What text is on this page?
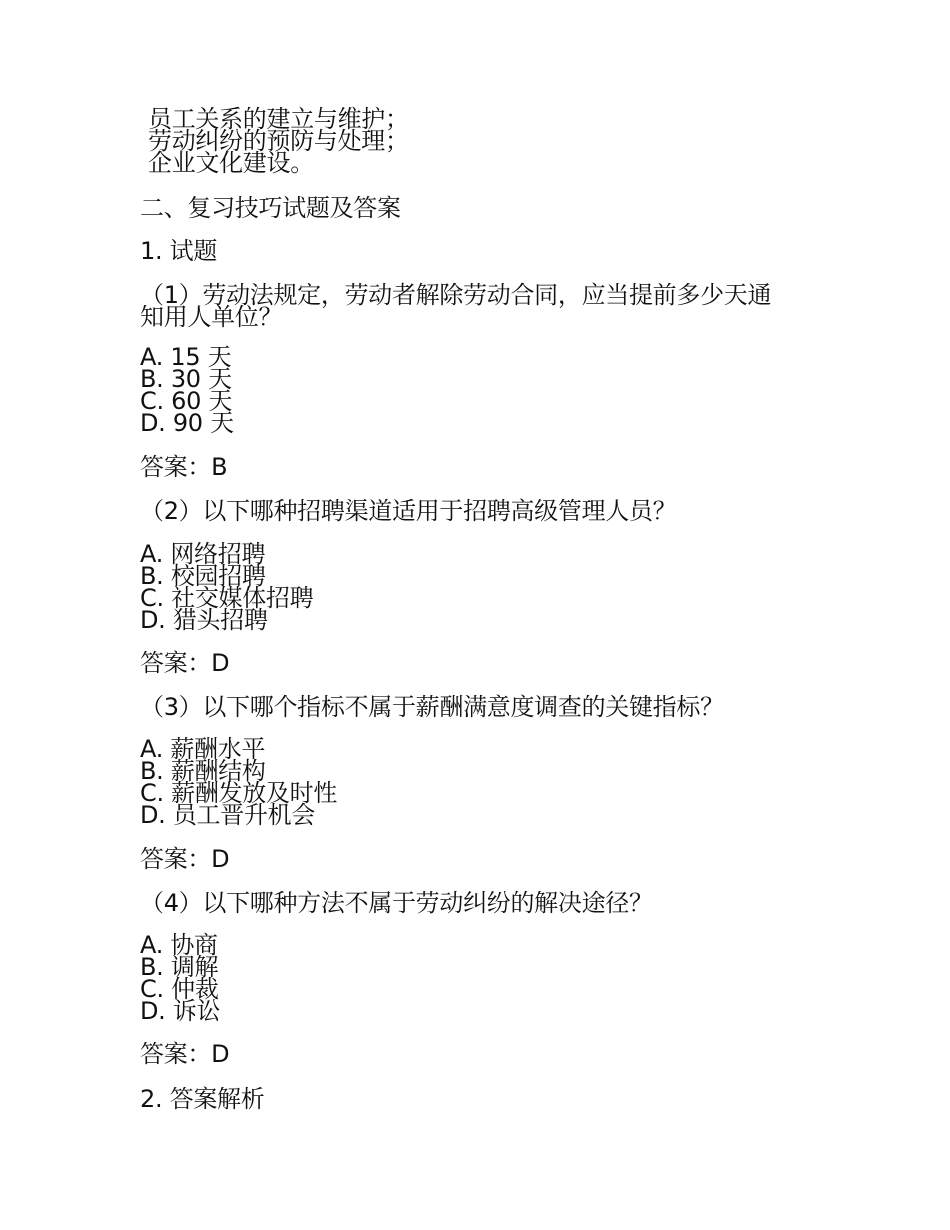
员工关系的建立与维护；

劳动纠纷的预防与处理；

企业文化建设。

二、复习技巧试题及答案

1. 试题

（1）劳动法规定，劳动者解除劳动合同，应当提前多少天通

知用人单位？

A. 15 天

B. 30 天

C. 60 天

D. 90 天

答案：B

（2）以下哪种招聘渠道适用于招聘高级管理人员？

A. 网络招聘

B. 校园招聘

C. 社交媒体招聘

D. 猎头招聘

答案：D

（3）以下哪个指标不属于薪酬满意度调查的关键指标？

A. 薪酬水平

B. 薪酬结构

C. 薪酬发放及时性

D. 员工晋升机会

答案：D

（4）以下哪种方法不属于劳动纠纷的解决途径？

A. 协商

B. 调解

C. 仲裁

D. 诉讼

答案：D

2. 答案解析
